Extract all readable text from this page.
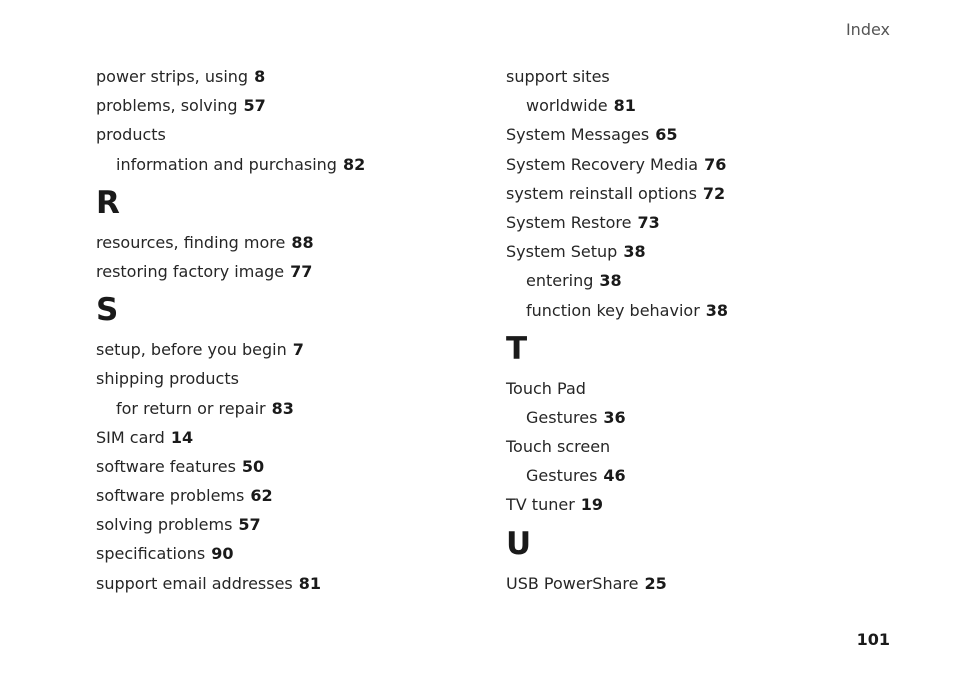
Index
power strips, using 8
problems, solving 57
products
information and purchasing 82
R
resources, finding more 88
restoring factory image 77
S
setup, before you begin 7
shipping products
for return or repair 83
SIM card 14
software features 50
software problems 62
solving problems 57
specifications 90
support email addresses 81
support sites
worldwide 81
System Messages 65
System Recovery Media 76
system reinstall options 72
System Restore 73
System Setup 38
entering 38
function key behavior 38
T
Touch Pad
Gestures 36
Touch screen
Gestures 46
TV tuner 19
U
USB PowerShare 25
101
